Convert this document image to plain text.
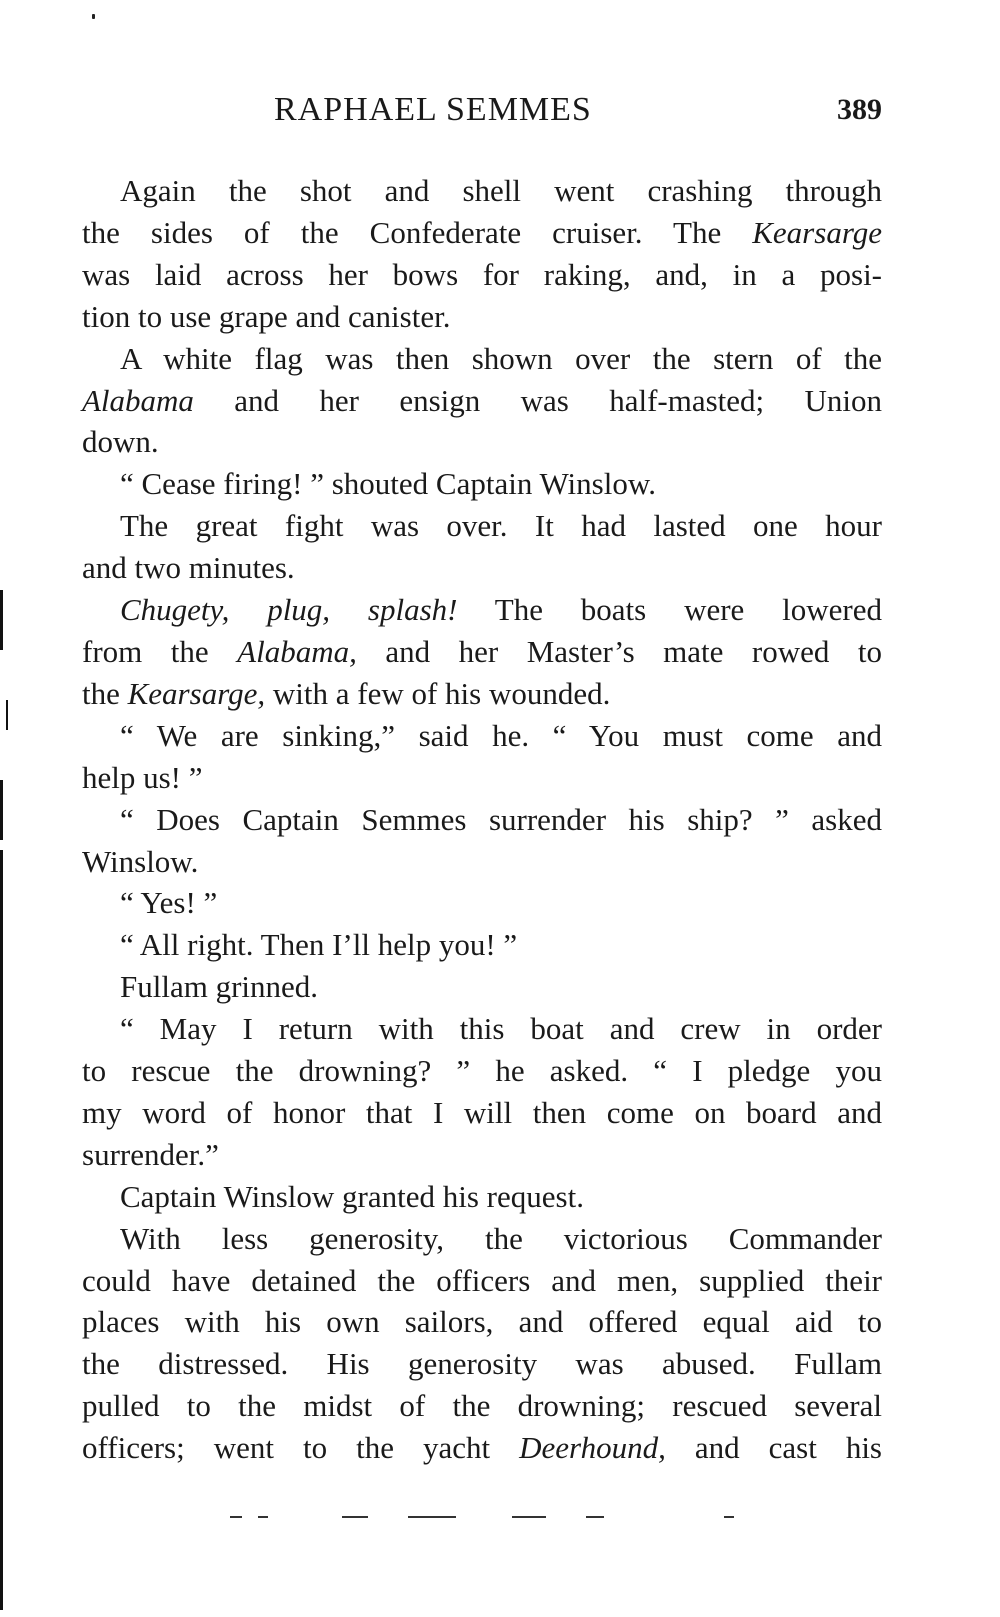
RAPHAEL SEMMES	389
Again the shot and shell went crashing through
the sides of the Confederate cruiser. The Kearsarge
was laid across her bows for raking, and, in a posi-
tion to use grape and canister.
A white flag was then shown over the stern of the
Alabama and her ensign was half-masted; Union
down.
“ Cease firing! ” shouted Captain Winslow.
The great fight was over. It had lasted one hour
and two minutes.
Chugety, plug, splash! The boats were lowered
from the Alabama, and her Master’s mate rowed to
the Kearsarge, with a few of his wounded.
“ We are sinking,” said he. “ You must come and
help us! ”
“ Does Captain Semmes surrender his ship? ” asked
Winslow.
“ Yes! ”
“ All right. Then I’ll help you! ”
Fullam grinned.
“ May I return with this boat and crew in order
to rescue the drowning? ” he asked. “ I pledge you
my word of honor that I will then come on board and
surrender.”
Captain Winslow granted his request.
With less generosity, the victorious Commander
could have detained the officers and men, supplied their
places with his own sailors, and offered equal aid to
the distressed. His generosity was abused. Fullam
pulled to the midst of the drowning; rescued several
officers; went to the yacht Deerhound, and cast his
